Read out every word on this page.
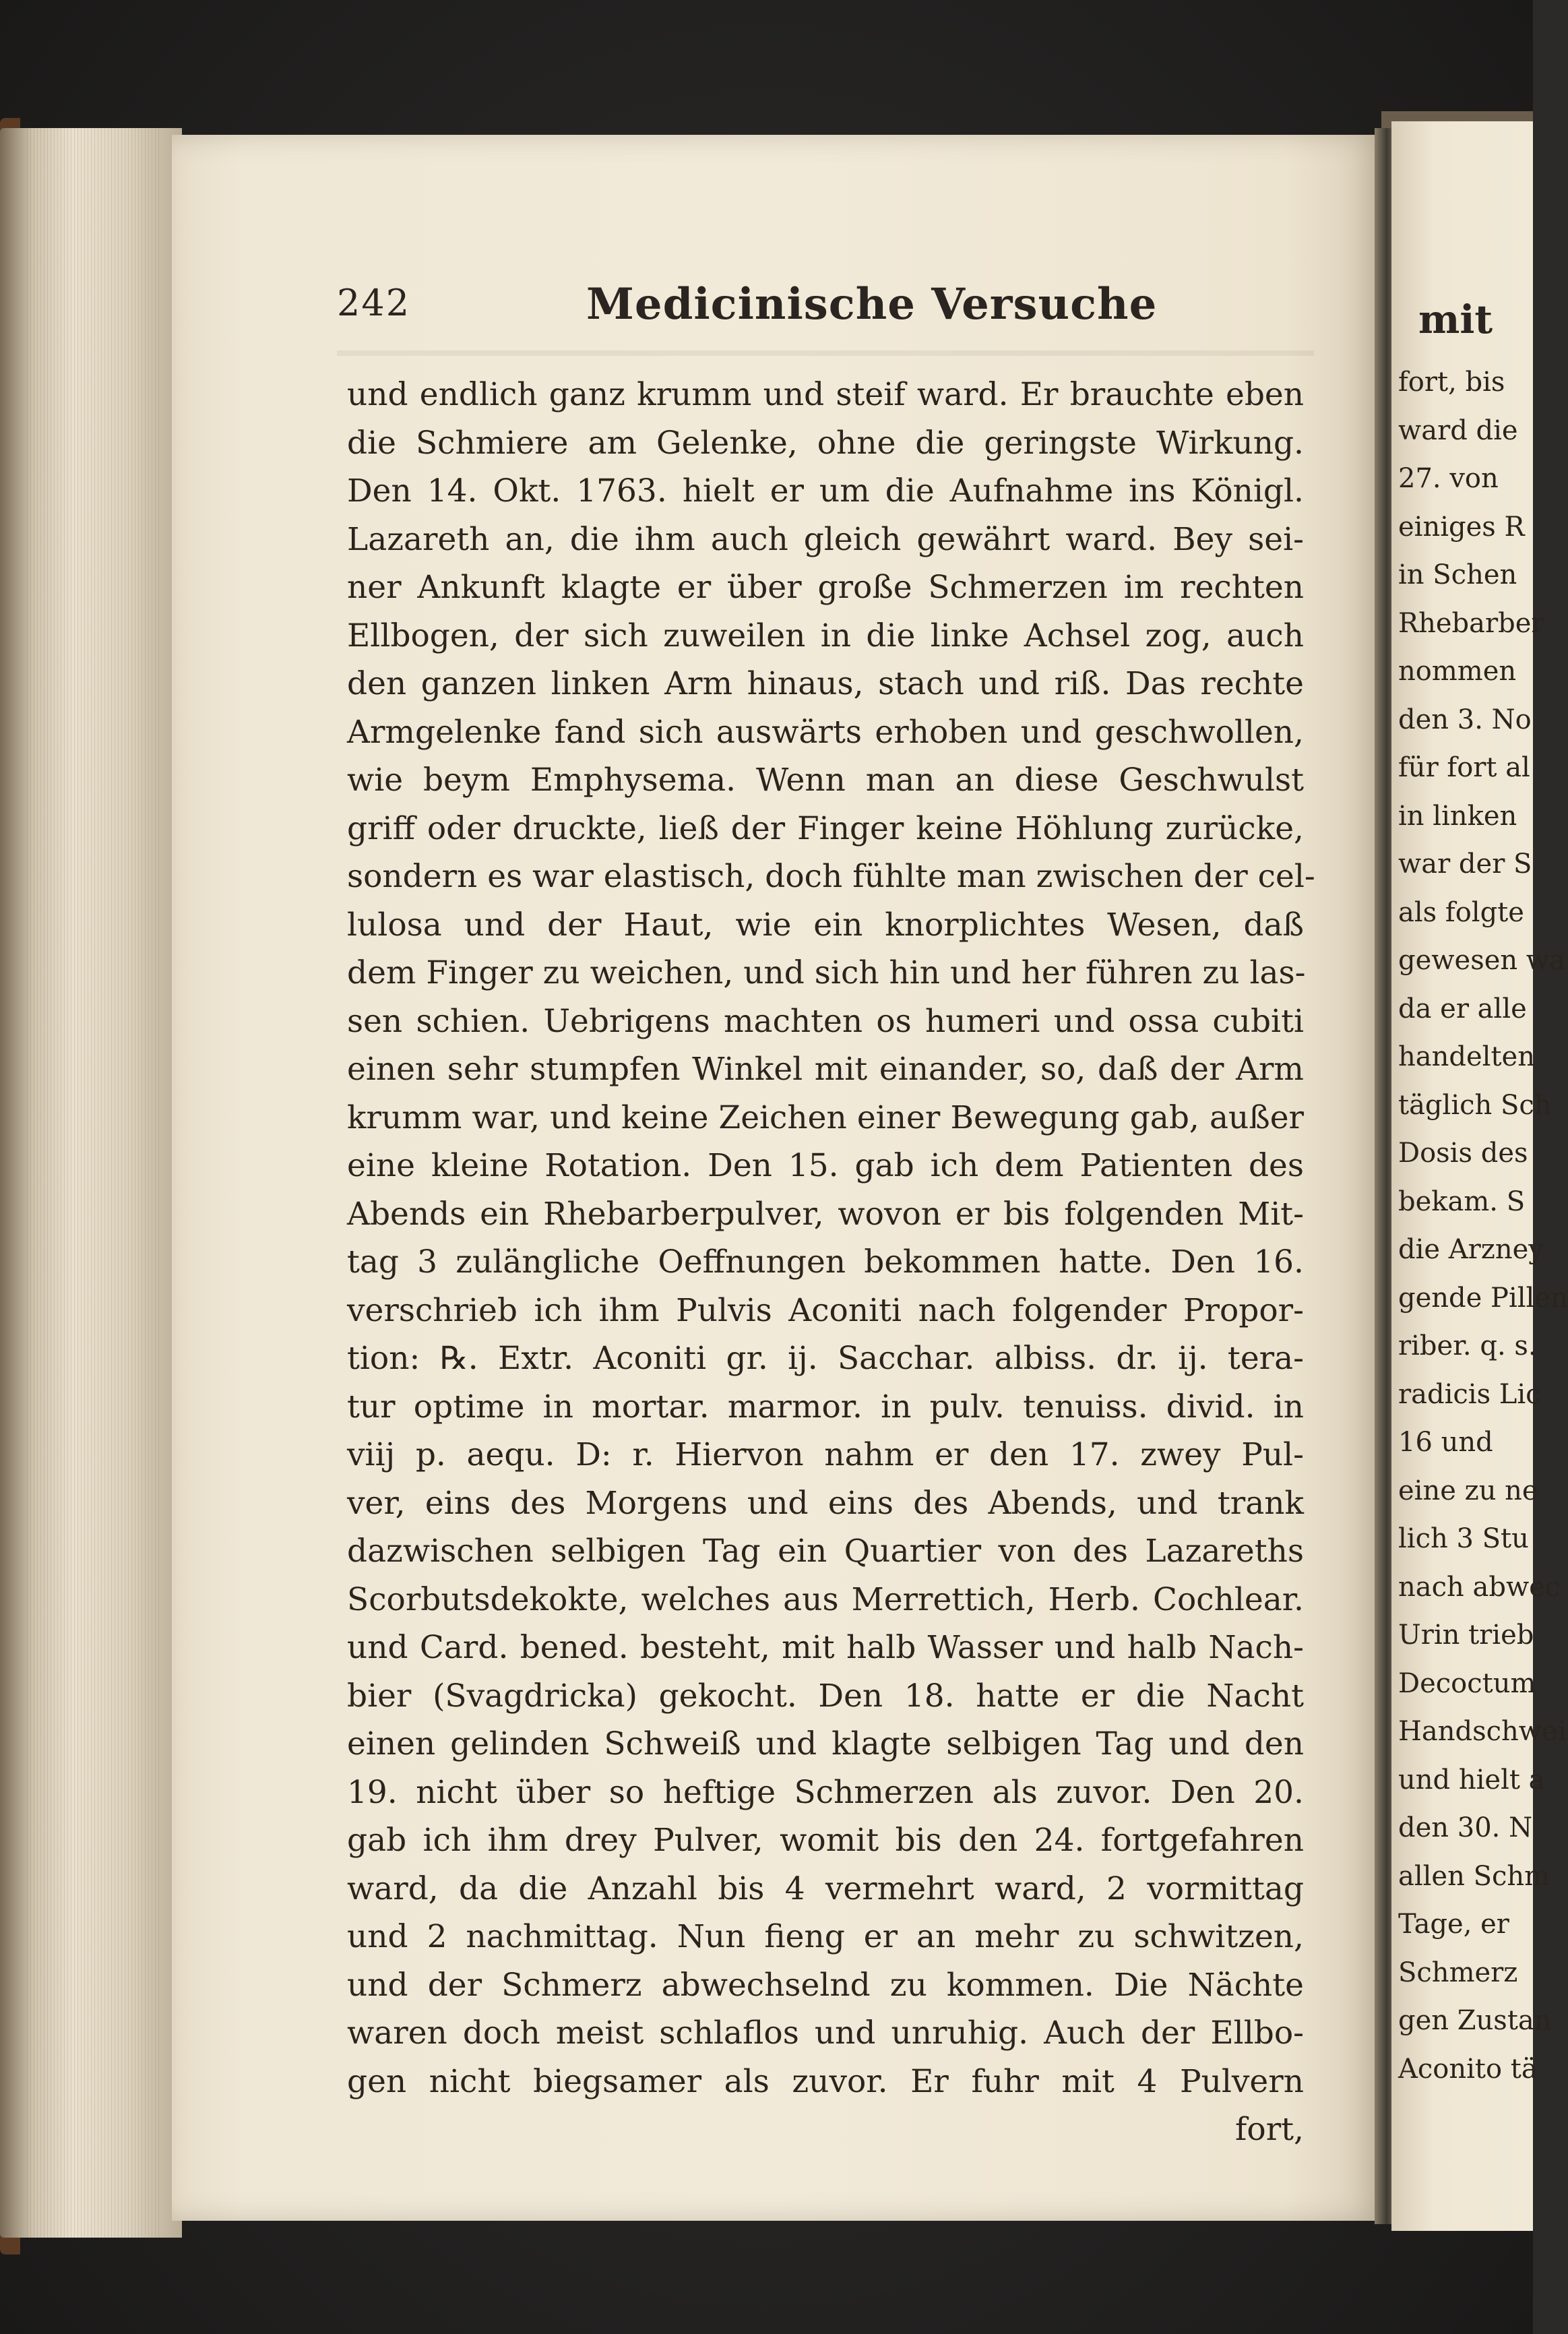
mit
fort, bis
ward die
27. von
einiges R
in Schen
Rhebarber
nommen
den 3. No
für fort al
in linken
war der S
als folgte
gewesen wa
da er alle
handelten
täglich Sch
Dosis des
bekam. S
die Arzney
gende Pillen
riber. q. s.
radicis Lic
16 und
eine zu ne
lich 3 Stu
nach abwec
Urin trieb
Decoctum
Handschwei
und hielt a
den 30. N
allen Schm
Tage, er
Schmerz
gen Zustan
Aconito tä
242	Medicinische Versuche
und endlich ganz krumm und steif ward. Er brauchte eben
die Schmiere am Gelenke, ohne die geringste Wirkung.
Den 14. Okt. 1763. hielt er um die Aufnahme ins Königl.
Lazareth an, die ihm auch gleich gewährt ward. Bey sei-
ner Ankunft klagte er über große Schmerzen im rechten
Ellbogen, der sich zuweilen in die linke Achsel zog, auch
den ganzen linken Arm hinaus, stach und riß. Das rechte
Armgelenke fand sich auswärts erhoben und geschwollen,
wie beym Emphysema. Wenn man an diese Geschwulst
griff oder druckte, ließ der Finger keine Höhlung zurücke,
sondern es war elastisch, doch fühlte man zwischen der cel-
lulosa und der Haut, wie ein knorplichtes Wesen, daß
dem Finger zu weichen, und sich hin und her führen zu las-
sen schien. Uebrigens machten os humeri und ossa cubiti
einen sehr stumpfen Winkel mit einander, so, daß der Arm
krumm war, und keine Zeichen einer Bewegung gab, außer
eine kleine Rotation. Den 15. gab ich dem Patienten des
Abends ein Rhebarberpulver, wovon er bis folgenden Mit-
tag 3 zulängliche Oeffnungen bekommen hatte. Den 16.
verschrieb ich ihm Pulvis Aconiti nach folgender Propor-
tion: ℞. Extr. Aconiti gr. ij. Sacchar. albiss. dr. ij. tera-
tur optime in mortar. marmor. in pulv. tenuiss. divid. in
viij p. aequ. D: r. Hiervon nahm er den 17. zwey Pul-
ver, eins des Morgens und eins des Abends, und trank
dazwischen selbigen Tag ein Quartier von des Lazareths
Scorbutsdekokte, welches aus Merrettich, Herb. Cochlear.
und Card. bened. besteht, mit halb Wasser und halb Nach-
bier (Svagdricka) gekocht. Den 18. hatte er die Nacht
einen gelinden Schweiß und klagte selbigen Tag und den
19. nicht über so heftige Schmerzen als zuvor. Den 20.
gab ich ihm drey Pulver, womit bis den 24. fortgefahren
ward, da die Anzahl bis 4 vermehrt ward, 2 vormittag
und 2 nachmittag. Nun fieng er an mehr zu schwitzen,
und der Schmerz abwechselnd zu kommen. Die Nächte
waren doch meist schlaflos und unruhig. Auch der Ellbo-
gen nicht biegsamer als zuvor. Er fuhr mit 4 Pulvern
fort,
